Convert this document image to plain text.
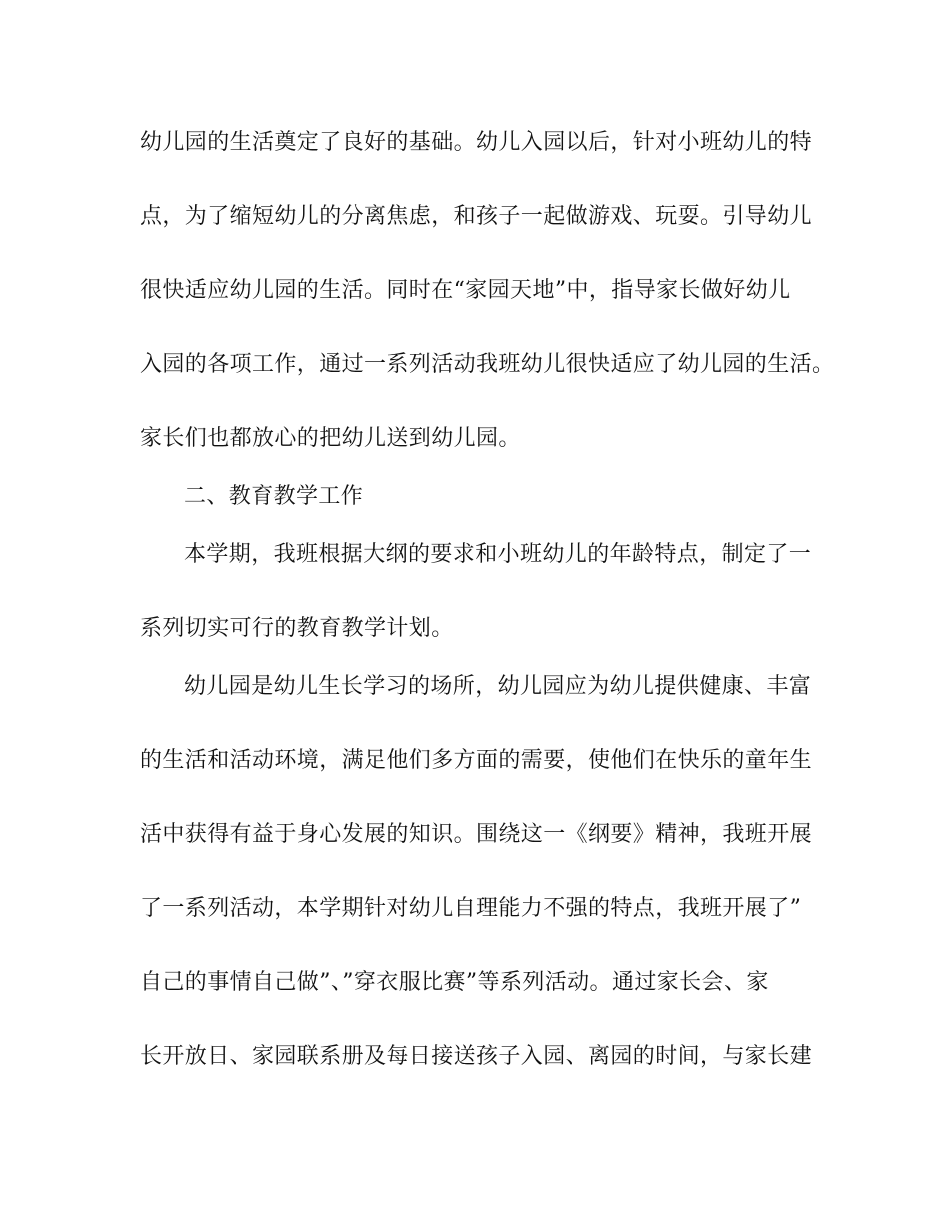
幼儿园的生活奠定了良好的基础。幼儿入园以后，针对小班幼儿的特
点，为了缩短幼儿的分离焦虑，和孩子一起做游戏、玩耍。引导幼儿
很快适应幼儿园的生活。同时在“家园天地”中，指导家长做好幼儿
入园的各项工作，通过一系列活动我班幼儿很快适应了幼儿园的生活。
家长们也都放心的把幼儿送到幼儿园。
二、教育教学工作
本学期，我班根据大纲的要求和小班幼儿的年龄特点，制定了一
系列切实可行的教育教学计划。
幼儿园是幼儿生长学习的场所，幼儿园应为幼儿提供健康、丰富
的生活和活动环境，满足他们多方面的需要，使他们在快乐的童年生
活中获得有益于身心发展的知识。围绕这一《纲要》精神，我班开展
了一系列活动，本学期针对幼儿自理能力不强的特点，我班开展了”
自己的事情自己做”、”穿衣服比赛”等系列活动。通过家长会、家
长开放日、家园联系册及每日接送孩子入园、离园的时间，与家长建
